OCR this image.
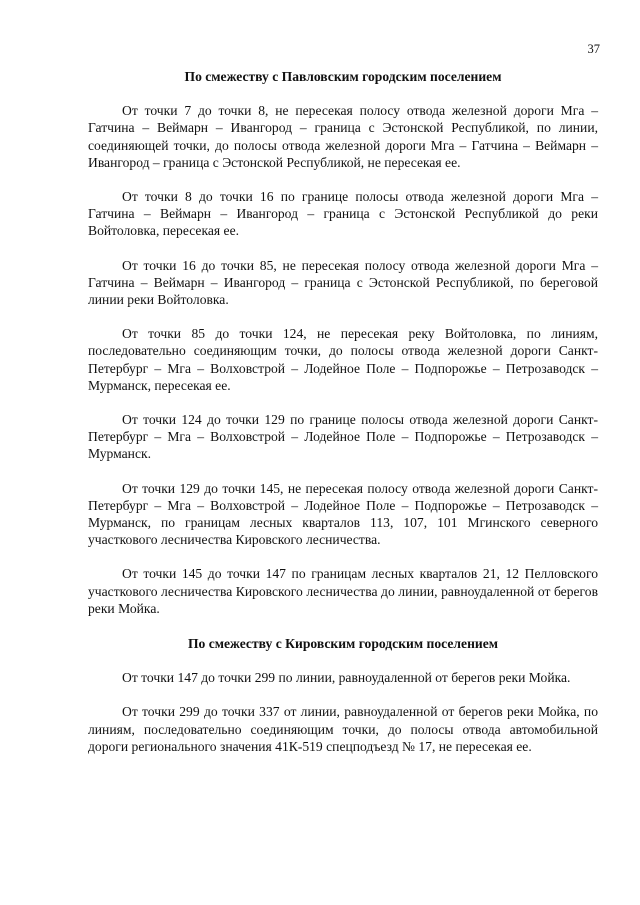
37

По смежеству с Павловским городским поселением

От точки 7 до точки 8, не пересекая полосу отвода железной дороги Мга – Гатчина – Веймарн – Ивангород – граница с Эстонской Республикой, по линии, соединяющей точки, до полосы отвода железной дороги Мга – Гатчина – Веймарн – Ивангород – граница с Эстонской Республикой, не пересекая ее.

От точки 8 до точки 16 по границе полосы отвода железной дороги Мга – Гатчина – Веймарн – Ивангород – граница с Эстонской Республикой до реки Войтоловка, пересекая ее.

От точки 16 до точки 85, не пересекая полосу отвода железной дороги Мга – Гатчина – Веймарн – Ивангород – граница с Эстонской Республикой, по береговой линии реки Войтоловка.

От точки 85 до точки 124, не пересекая реку Войтоловка, по линиям, последовательно соединяющим точки, до полосы отвода железной дороги Санкт-Петербург – Мга – Волховстрой – Лодейное Поле – Подпорожье – Петрозаводск – Мурманск, пересекая ее.

От точки 124 до точки 129 по границе полосы отвода железной дороги Санкт-Петербург – Мга – Волховстрой – Лодейное Поле – Подпорожье – Петрозаводск – Мурманск.

От точки 129 до точки 145, не пересекая полосу отвода железной дороги Санкт-Петербург – Мга – Волховстрой – Лодейное Поле – Подпорожье – Петрозаводск – Мурманск, по границам лесных кварталов 113, 107, 101 Мгинского северного участкового лесничества Кировского лесничества.

От точки 145 до точки 147 по границам лесных кварталов 21, 12 Пелловского участкового лесничества Кировского лесничества до линии, равноудаленной от берегов реки Мойка.

По смежеству с Кировским городским поселением

От точки 147 до точки 299 по линии, равноудаленной от берегов реки Мойка.

От точки 299 до точки 337 от линии, равноудаленной от берегов реки Мойка, по линиям, последовательно соединяющим точки, до полосы отвода автомобильной дороги регионального значения 41К-519 спецподъезд № 17, не пересекая ее.
